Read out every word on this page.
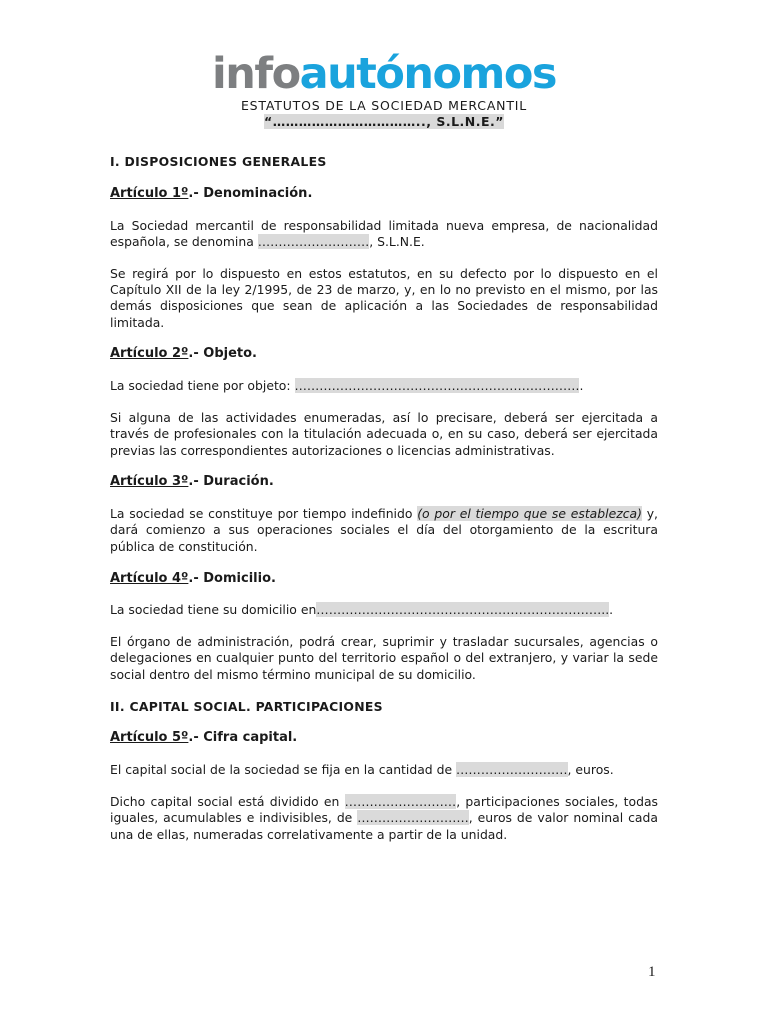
infoautónomos
ESTATUTOS DE LA SOCIEDAD MERCANTIL
“…………………………….., S.L.N.E.”

I. DISPOSICIONES GENERALES

Artículo 1º.- Denominación.

La Sociedad mercantil de responsabilidad limitada nueva empresa, de nacionalidad española, se denomina ………………………, S.L.N.E.

Se regirá por lo dispuesto en estos estatutos, en su defecto por lo dispuesto en el Capítulo XII de la ley 2/1995, de 23 de marzo, y, en lo no previsto en el mismo, por las demás disposiciones que sean de aplicación a las Sociedades de responsabilidad limitada.

Artículo 2º.- Objeto.

La sociedad tiene por objeto: …………………………………………………………….

Si alguna de las actividades enumeradas, así lo precisare, deberá ser ejercitada a través de profesionales con la titulación adecuada o, en su caso, deberá ser ejercitada previas las correspondientes autorizaciones o licencias administrativas.

Artículo 3º.- Duración.

La sociedad se constituye por tiempo indefinido (o por el tiempo que se establezca) y, dará comienzo a sus operaciones sociales el día del otorgamiento de la escritura pública de constitución.

Artículo 4º.- Domicilio.

La sociedad tiene su domicilio en……………………………………………………………...

El órgano de administración, podrá crear, suprimir y trasladar sucursales, agencias o delegaciones en cualquier punto del territorio español o del extranjero, y variar la sede social dentro del mismo término municipal de su domicilio.

II. CAPITAL SOCIAL. PARTICIPACIONES

Artículo 5º.- Cifra capital.

El capital social de la sociedad se fija en la cantidad de ………………………, euros.

Dicho capital social está dividido en ………………………, participaciones sociales, todas iguales, acumulables e indivisibles, de ………………………, euros de valor nominal cada una de ellas, numeradas correlativamente a partir de la unidad.

1
